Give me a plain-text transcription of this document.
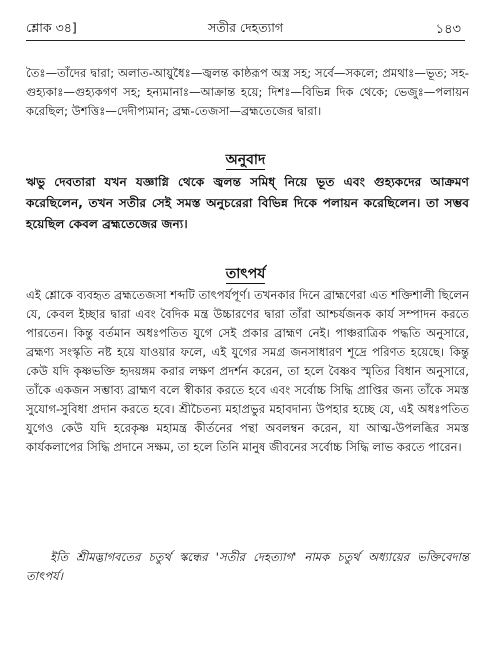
শ্লোক ৩৪]	সতীর দেহত্যাগ	১৪৩
তৈঃ—তাঁদের দ্বারা; অলাত-আয়ুধৈঃ—জ্বলন্ত কাষ্ঠরূপ অস্ত্র সহ; সর্বে—সকলে; প্রমথাঃ—ভূত; সহ-গুহ্যকাঃ—গুহ্যকগণ সহ; হন্যমানাঃ—আক্রান্ত হয়ে; দিশঃ—বিভিন্ন দিক থেকে; ভেজুঃ—পলায়ন করেছিল; উশত্তিঃ—দেদীপ্যমান; ব্রহ্ম-তেজসা—ব্রহ্মতেজের দ্বারা।
অনুবাদ
ঋভু দেবতারা যখন যজ্ঞাগ্নি থেকে জ্বলন্ত সমিধ্ নিয়ে ভূত এবং গুহ্যকদের আক্রমণ করেছিলেন, তখন সতীর সেই সমস্ত অনুচরেরা বিভিন্ন দিকে পলায়ন করেছিলেন। তা সম্ভব হয়েছিল কেবল ব্রহ্মতেজের জন্য।
তাৎপর্য
এই শ্লোকে ব্যবহৃত ব্রহ্মতেজসা শব্দটি তাৎপর্যপূর্ণ। তখনকার দিনে ব্রাহ্মণেরা এত শক্তিশালী ছিলেন যে, কেবল ইচ্ছার দ্বারা এবং বৈদিক মন্ত্র উচ্চারণের দ্বারা তাঁরা আশ্চর্যজনক কার্য সম্পাদন করতে পারতেন। কিন্তু বর্তমান অধঃপতিত যুগে সেই প্রকার ব্রাহ্মণ নেই। পাঞ্চরাত্রিক পদ্ধতি অনুসারে, ব্রহ্মণ্য সংস্কৃতি নষ্ট হয়ে যাওয়ার ফলে, এই যুগের সমগ্র জনসাধারণ শূদ্রে পরিণত হয়েছে। কিন্তু কেউ যদি কৃষ্ণভক্তি হৃদয়ঙ্গম করার লক্ষণ প্রদর্শন করেন, তা হলে বৈষ্ণব স্মৃতির বিধান অনুসারে, তাঁকে একজন সম্ভাব্য ব্রাহ্মণ বলে স্বীকার করতে হবে এবং সর্বোচ্চ সিদ্ধি প্রাপ্তির জন্য তাঁকে সমস্ত সুযোগ-সুবিধা প্রদান করতে হবে। শ্রীচৈতন্য মহাপ্রভুর মহাবদান্য উপহার হচ্ছে যে, এই অধঃপতিত যুগেও কেউ যদি হরেকৃষ্ণ মহামন্ত্র কীর্তনের পন্থা অবলম্বন করেন, যা আত্ম-উপলব্ধির সমস্ত কার্যকলাপের সিদ্ধি প্রদানে সক্ষম, তা হলে তিনি মানুষ জীবনের সর্বোচ্চ সিদ্ধি লাভ করতে পারেন।
ইতি শ্রীমদ্ভাগবতের চতুর্থ স্কন্ধের 'সতীর দেহত্যাগ' নামক চতুর্থ অধ্যায়ের ভক্তিবেদান্ত তাৎপর্য।
